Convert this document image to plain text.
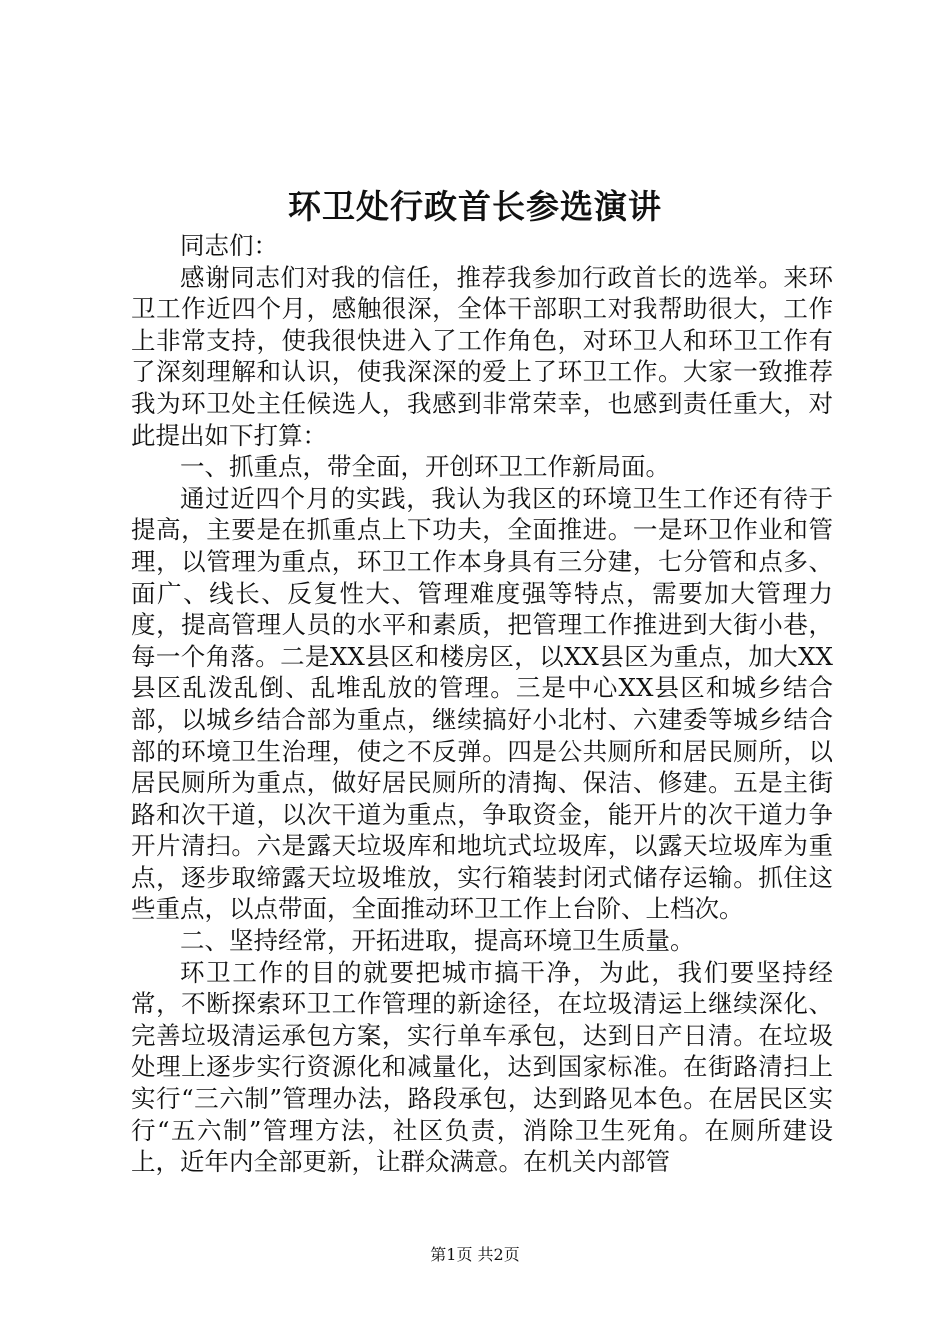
环卫处行政首长参选演讲

同志们：

感谢同志们对我的信任，推荐我参加行政首长的选举。来环卫工作近四个月，感触很深，全体干部职工对我帮助很大，工作上非常支持，使我很快进入了工作角色，对环卫人和环卫工作有了深刻理解和认识，使我深深的爱上了环卫工作。大家一致推荐我为环卫处主任候选人，我感到非常荣幸，也感到责任重大，对此提出如下打算：

一、抓重点，带全面，开创环卫工作新局面。

通过近四个月的实践，我认为我区的环境卫生工作还有待于提高，主要是在抓重点上下功夫，全面推进。一是环卫作业和管理，以管理为重点，环卫工作本身具有三分建，七分管和点多、面广、线长、反复性大、管理难度强等特点，需要加大管理力度，提高管理人员的水平和素质，把管理工作推进到大街小巷，每一个角落。二是XX县区和楼房区，以XX县区为重点，加大XX县区乱泼乱倒、乱堆乱放的管理。三是中心XX县区和城乡结合部，以城乡结合部为重点，继续搞好小北村、六建委等城乡结合部的环境卫生治理，使之不反弹。四是公共厕所和居民厕所，以居民厕所为重点，做好居民厕所的清掏、保洁、修建。五是主街路和次干道，以次干道为重点，争取资金，能开片的次干道力争开片清扫。六是露天垃圾库和地坑式垃圾库，以露天垃圾库为重点，逐步取缔露天垃圾堆放，实行箱装封闭式储存运输。抓住这些重点，以点带面，全面推动环卫工作上台阶、上档次。

二、坚持经常，开拓进取，提高环境卫生质量。

环卫工作的目的就要把城市搞干净，为此，我们要坚持经常，不断探索环卫工作管理的新途径，在垃圾清运上继续深化、完善垃圾清运承包方案，实行单车承包，达到日产日清。在垃圾处理上逐步实行资源化和减量化，达到国家标准。在街路清扫上实行“三六制”管理办法，路段承包，达到路见本色。在居民区实行“五六制”管理方法，社区负责，消除卫生死角。在厕所建设上，近年内全部更新，让群众满意。在机关内部管

第1页 共2页
